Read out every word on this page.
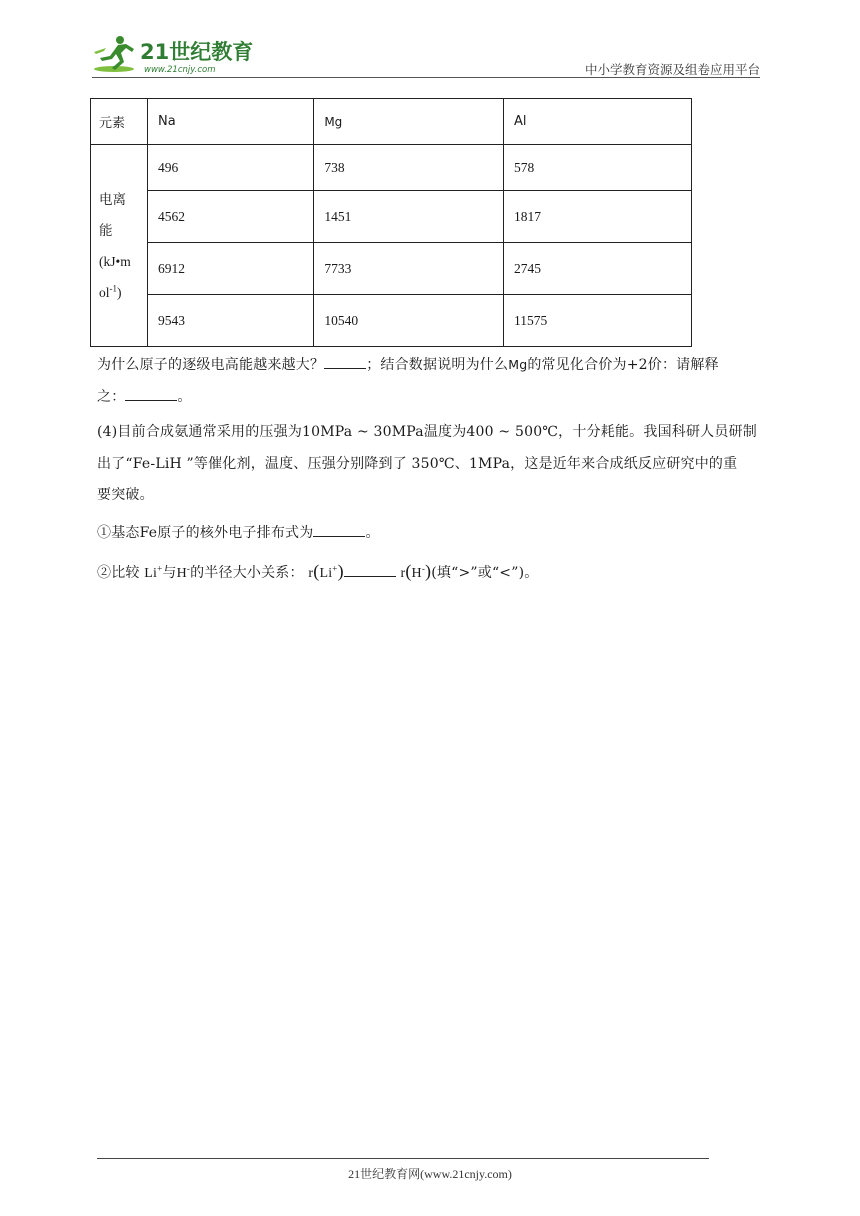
21世纪教育
www.21cnjy.com	中小学教育资源及组卷应用平台
元素	Na	Mg	Al

电离
能
(kJ•m
$ol^{-1}$)	496	738	578
	4562	1451	1817
	6912	7733	2745
	9543	10540	11575
为什么原子的逐级电高能越来越大？	；结合数据说明为什么Mg的常见化合价为+2价：请解释
之：	。
(4)目前合成氨通常采用的压强为10MPa ~ 30MPa温度为400 ~ 500℃，十分耗能。我国科研人员研制
出了“Fe-LiH ”等催化剂，温度、压强分别降到了 350℃、1MPa，这是近年来合成纸反应研究中的重
要突破。
①基态Fe原子的核外电子排布式为	。
②比较 Li+与H-的半径大小关系： r(Li+)	r(H-)(填“>”或“<”)。
21世纪教育网(www.21cnjy.com)
